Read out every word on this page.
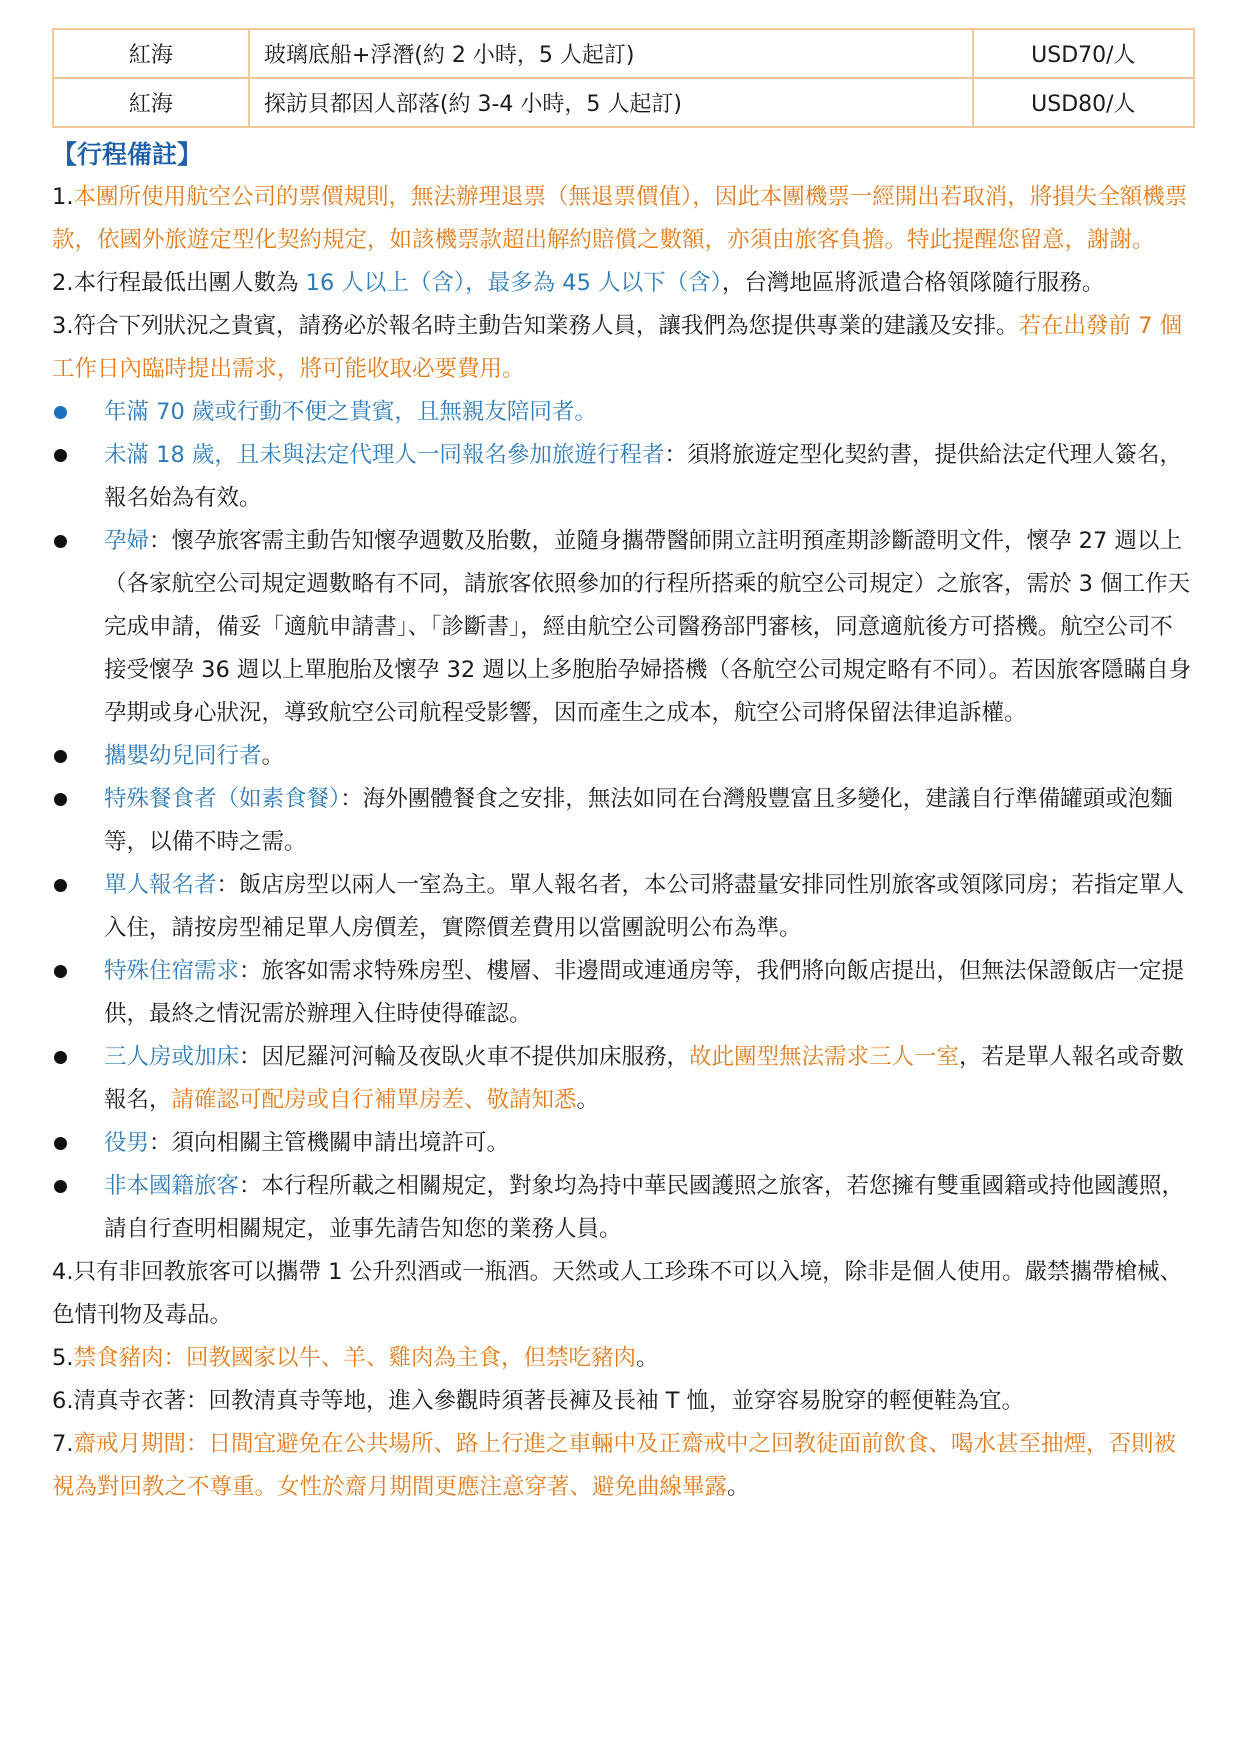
紅海	玻璃底船+浮潛(約 2 小時，5 人起訂)	USD70/人
紅海	探訪貝都因人部落(約 3-4 小時，5 人起訂)	USD80/人
【行程備註】

1.本團所使用航空公司的票價規則，無法辦理退票（無退票價值），因此本團機票一經開出若取消，將損失全額機票款，依國外旅遊定型化契約規定，如該機票款超出解約賠償之數額，亦須由旅客負擔。特此提醒您留意，謝謝。

2.本行程最低出團人數為 16 人以上（含），最多為 45 人以下（含），台灣地區將派遣合格領隊隨行服務。

3.符合下列狀況之貴賓，請務必於報名時主動告知業務人員，讓我們為您提供專業的建議及安排。若在出發前 7 個工作日內臨時提出需求，將可能收取必要費用。

年滿 70 歲或行動不便之貴賓，且無親友陪同者。
未滿 18 歲，且未與法定代理人一同報名參加旅遊行程者：須將旅遊定型化契約書，提供給法定代理人簽名，報名始為有效。
孕婦：懷孕旅客需主動告知懷孕週數及胎數，並隨身攜帶醫師開立註明預產期診斷證明文件，懷孕 27 週以上（各家航空公司規定週數略有不同，請旅客依照參加的行程所搭乘的航空公司規定）之旅客，需於 3 個工作天完成申請，備妥「適航申請書」、「診斷書」，經由航空公司醫務部門審核，同意適航後方可搭機。航空公司不接受懷孕 36 週以上單胞胎及懷孕 32 週以上多胞胎孕婦搭機（各航空公司規定略有不同）。若因旅客隱瞞自身孕期或身心狀況，導致航空公司航程受影響，因而產生之成本，航空公司將保留法律追訴權。
攜嬰幼兒同行者。
特殊餐食者（如素食餐）：海外團體餐食之安排，無法如同在台灣般豐富且多變化，建議自行準備罐頭或泡麵等，以備不時之需。
單人報名者：飯店房型以兩人一室為主。單人報名者，本公司將盡量安排同性別旅客或領隊同房；若指定單人入住，請按房型補足單人房價差，實際價差費用以當團說明公布為準。
特殊住宿需求：旅客如需求特殊房型、樓層、非邊間或連通房等，我們將向飯店提出，但無法保證飯店一定提供，最終之情況需於辦理入住時使得確認。
三人房或加床：因尼羅河河輪及夜臥火車不提供加床服務，故此團型無法需求三人一室，若是單人報名或奇數報名，請確認可配房或自行補單房差、敬請知悉。
役男：須向相關主管機關申請出境許可。
非本國籍旅客：本行程所載之相關規定，對象均為持中華民國護照之旅客，若您擁有雙重國籍或持他國護照，請自行查明相關規定，並事先請告知您的業務人員。

4.只有非回教旅客可以攜帶 1 公升烈酒或一瓶酒。天然或人工珍珠不可以入境，除非是個人使用。嚴禁攜帶槍械、色情刊物及毒品。

5.禁食豬肉：回教國家以牛、羊、雞肉為主食，但禁吃豬肉。

6.清真寺衣著：回教清真寺等地，進入參觀時須著長褲及長袖 T 恤，並穿容易脫穿的輕便鞋為宜。

7.齋戒月期間：日間宜避免在公共場所、路上行進之車輛中及正齋戒中之回教徒面前飲食、喝水甚至抽煙，否則被視為對回教之不尊重。女性於齋月期間更應注意穿著、避免曲線畢露。
